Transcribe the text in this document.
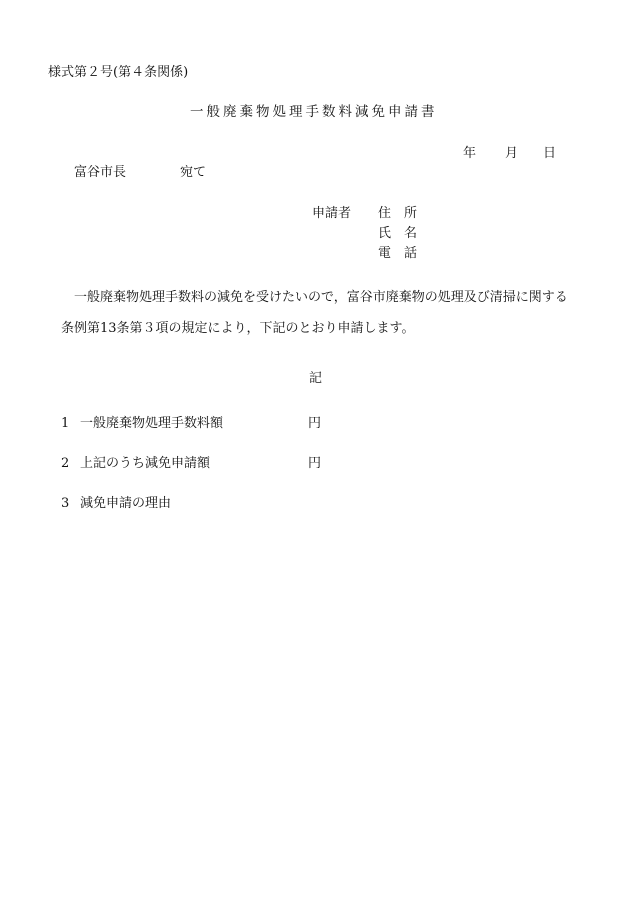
様式第２号(第４条関係)
一般廃棄物処理手数料減免申請書
年 月 日
富谷市長	宛て
申請者 住　所
氏　名
電　話
一般廃棄物処理手数料の減免を受けたいので，富谷市廃棄物の処理及び清掃に関する
条例第13条第３項の規定により，下記のとおり申請します。
記
1 一般廃棄物処理手数料額	円
2 上記のうち減免申請額	円
3 減免申請の理由
